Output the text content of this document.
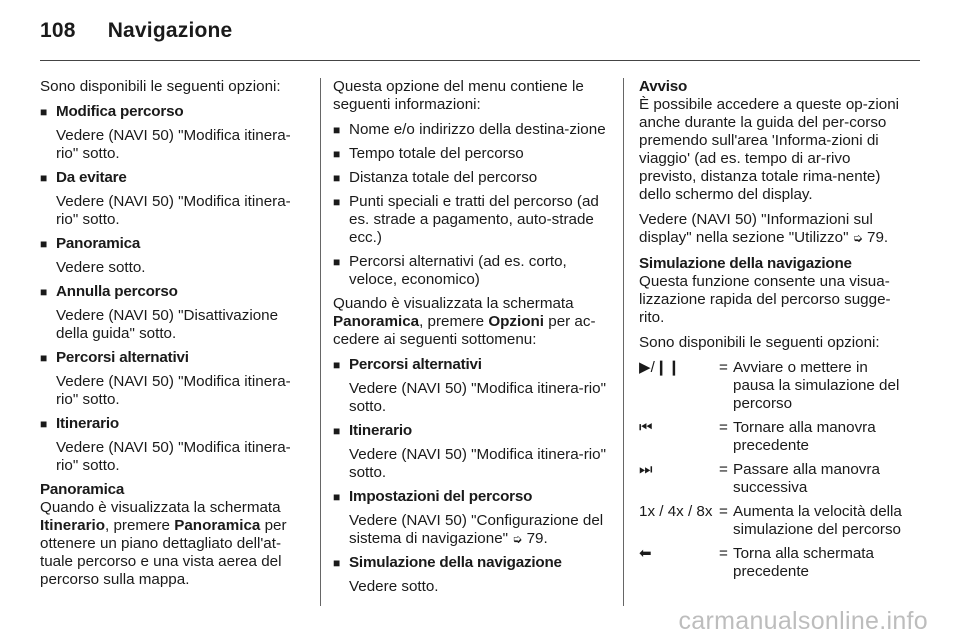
108 Navigazione

Sono disponibili le seguenti opzioni:

■ Modifica percorso
Vedere (NAVI 50) "Modifica itinera-rio" sotto.
■ Da evitare
Vedere (NAVI 50) "Modifica itinera-rio" sotto.
■ Panoramica
Vedere sotto.
■ Annulla percorso
Vedere (NAVI 50) "Disattivazione della guida" sotto.
■ Percorsi alternativi
Vedere (NAVI 50) "Modifica itinera-rio" sotto.
■ Itinerario
Vedere (NAVI 50) "Modifica itinera-rio" sotto.
Panoramica
Quando è visualizzata la schermata Itinerario, premere Panoramica per ottenere un piano dettagliato dell'at-tuale percorso e una vista aerea del percorso sulla mappa.

Questa opzione del menu contiene le seguenti informazioni:

■ Nome e/o indirizzo della destina-zione
■ Tempo totale del percorso
■ Distanza totale del percorso
■ Punti speciali e tratti del percorso (ad es. strade a pagamento, auto-strade ecc.)
■ Percorsi alternativi (ad es. corto, veloce, economico)

Quando è visualizzata la schermata Panoramica, premere Opzioni per ac-cedere ai seguenti sottomenu:

■ Percorsi alternativi
Vedere (NAVI 50) "Modifica itinera-rio" sotto.
■ Itinerario
Vedere (NAVI 50) "Modifica itinera-rio" sotto.
■ Impostazioni del percorso
Vedere (NAVI 50) "Configurazione del sistema di navigazione" ➭ 79.
■ Simulazione della navigazione
Vedere sotto.
Avviso

È possibile accedere a queste op-zioni anche durante la guida del per-corso premendo sull'area 'Informa-zioni di viaggio' (ad es. tempo di ar-rivo previsto, distanza totale rima-nente) dello schermo del display.

Vedere (NAVI 50) "Informazioni sul display" nella sezione "Utilizzo" ➭ 79.

Simulazione della navigazione

Questa funzione consente una visua-lizzazione rapida del percorso sugge-rito.

Sono disponibili le seguenti opzioni:

▶/❙❙	=	Avviare o mettere in pausa la simulazione del percorso
⏮	=	Tornare alla manovra precedente
⏭	=	Passare alla manovra successiva
1x / 4x / 8x	=	Aumenta la velocità della simulazione del percorso
⬅	=	Torna alla schermata precedente
carmanualsonline.info
